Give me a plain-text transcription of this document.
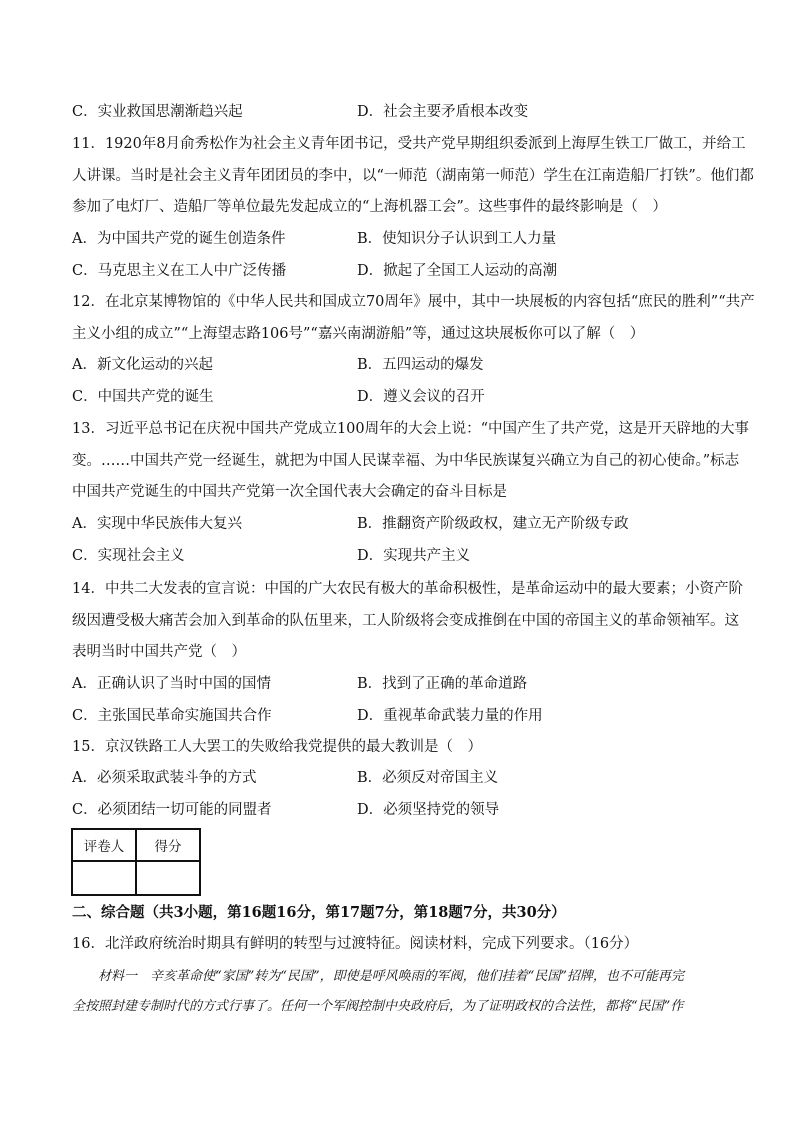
C．实业救国思潮渐趋兴起	D．社会主要矛盾根本改变
11．1920年8月俞秀松作为社会主义青年团书记，受共产党早期组织委派到上海厚生铁工厂做工，并给工
人讲课。当时是社会主义青年团团员的李中，以“一师范（湖南第一师范）学生在江南造船厂打铁”。他们都
参加了电灯厂、造船厂等单位最先发起成立的“上海机器工会”。这些事件的最终影响是（　）
A．为中国共产党的诞生创造条件	B．使知识分子认识到工人力量
C．马克思主义在工人中广泛传播	D．掀起了全国工人运动的高潮
12．在北京某博物馆的《中华人民共和国成立70周年》展中，其中一块展板的内容包括“庶民的胜利”“共产
主义小组的成立”“上海望志路106号”“嘉兴南湖游船”等，通过这块展板你可以了解（　）
A．新文化运动的兴起	B．五四运动的爆发
C．中国共产党的诞生	D．遵义会议的召开
13．习近平总书记在庆祝中国共产党成立100周年的大会上说：“中国产生了共产党，这是开天辟地的大事
变。……中国共产党一经诞生，就把为中国人民谋幸福、为中华民族谋复兴确立为自己的初心使命。”标志
中国共产党诞生的中国共产党第一次全国代表大会确定的奋斗目标是
A．实现中华民族伟大复兴	B．推翻资产阶级政权，建立无产阶级专政
C．实现社会主义	D．实现共产主义
14．中共二大发表的宣言说：中国的广大农民有极大的革命积极性，是革命运动中的最大要素；小资产阶
级因遭受极大痛苦会加入到革命的队伍里来，工人阶级将会变成推倒在中国的帝国主义的革命领袖军。这
表明当时中国共产党（　）
A．正确认识了当时中国的国情	B．找到了正确的革命道路
C．主张国民革命实施国共合作	D．重视革命武装力量的作用
15．京汉铁路工人大罢工的失败给我党提供的最大教训是（　）
A．必须采取武装斗争的方式	B．必须反对帝国主义
C．必须团结一切可能的同盟者	D．必须坚持党的领导
评卷人	得分

二、综合题（共3小题，第16题16分，第17题7分，第18题7分，共30分）
16．北洋政府统治时期具有鲜明的转型与过渡特征。阅读材料，完成下列要求。（16分）
　　材料一　辛亥革命使“家国”转为“民国”，即使是呼风唤雨的军阀，他们挂着“民国”招牌，也不可能再完
全按照封建专制时代的方式行事了。任何一个军阀控制中央政府后，为了证明政权的合法性，都将“民国”作
